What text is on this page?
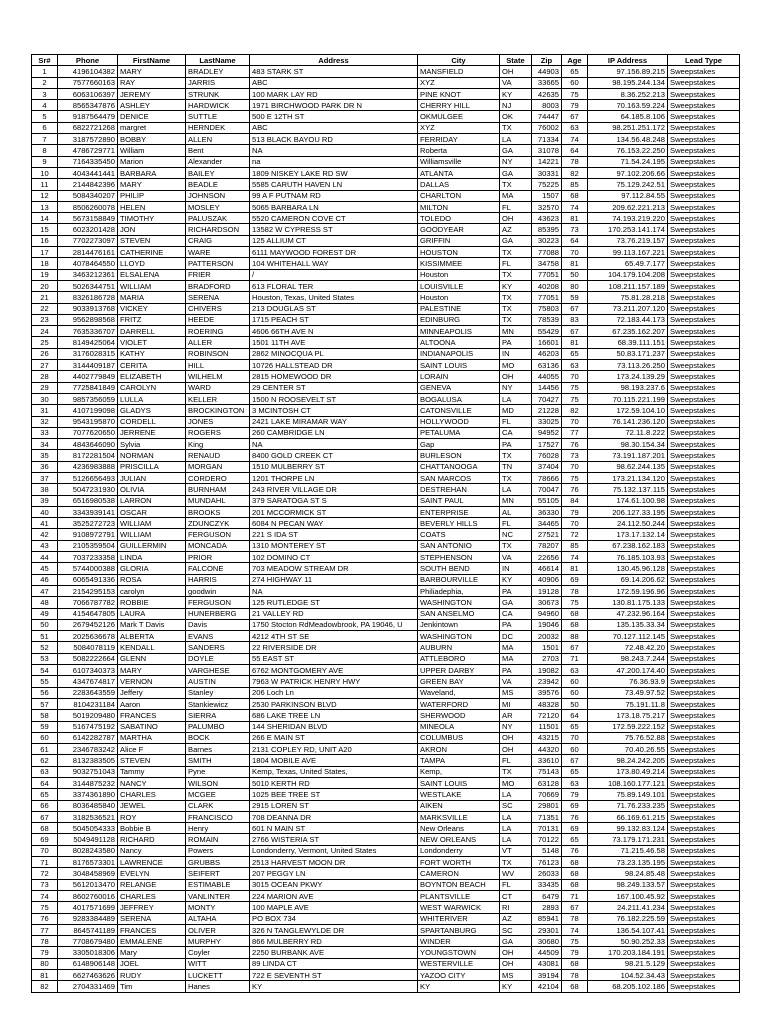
Sr#	Phone	FirstName	LastName	Address	City	State	Zip	Age	IP Address	Lead Type
1	4196104382	MARY	BRADLEY	483 STARK ST	MANSFIELD	OH	44903	65	97.156.89.215	Sweepstakes
2	7577660163	RAY	JARRIS	ABC	XYZ	VA	33665	60	98.195.244.134	Sweepstakes
3	6063106397	JEREMY	STRUNK	100 MARK LAY RD	PINE KNOT	KY	42635	75	8.36.252.213	Sweepstakes
4	8565347876	ASHLEY	HARDWICK	1971 BIRCHWOOD PARK DR N	CHERRY HILL	NJ	8003	79	70.163.59.224	Sweepstakes
5	9187564479	DENICE	SUTTLE	500 E 12TH ST	OKMULGEE	OK	74447	67	64.185.8.106	Sweepstakes
6	6822721268	margret	HERNDEK	ABC	XYZ	TX	76002	63	98.251.251.172	Sweepstakes
7	3187572890	BOBBY	ALLEN	513 BLACK BAYOU RD	FERRIDAY	LA	71334	74	134.56.48.248	Sweepstakes
8	4786729771	William	Bent	NA	Roberta	GA	31078	64	76.153.22.250	Sweepstakes
9	7164335450	Marion	Alexander	na	Williamsville	NY	14221	78	71.54.24.195	Sweepstakes
10	4043441441	BARBARA	BAILEY	1809 NISKEY LAKE RD SW	ATLANTA	GA	30331	82	97.102.206.66	Sweepstakes
11	2144842396	MARY	BEADLE	5585 CARUTH HAVEN LN	DALLAS	TX	75225	85	75.129.242.51	Sweepstakes
12	5084340207	PHILIP	JOHNSON	99 A F PUTNAM RD	CHARLTON	MA	1507	68	97.112.84.55	Sweepstakes
13	8506260078	HELEN	MOSLEY	5065 BARBARA LN	MILTON	FL	32570	74	209.62.221.213	Sweepstakes
14	5673158849	TIMOTHY	PALUSZAK	5520 CAMERON COVE CT	TOLEDO	OH	43623	81	74.193.219.220	Sweepstakes
15	6023201428	JON	RICHARDSON	13582 W CYPRESS ST	GOODYEAR	AZ	85395	73	170.253.141.174	Sweepstakes
16	7702273097	STEVEN	CRAIG	125 ALLIUM CT	GRIFFIN	GA	30223	64	73.76.219.157	Sweepstakes
17	2814476161	CATHERINE	WARE	6111 MAYWOOD FOREST DR	HOUSTON	TX	77088	70	99.113.167.221	Sweepstakes
18	4078464550	LLOYD	PATTERSON	104 WHITEHALL WAY	KISSIMMEE	FL	34758	81	65.49.7.177	Sweepstakes
19	3463212361	ELSALENA	FRIER	/	Houston	TX	77051	50	104.179.104.208	Sweepstakes
20	5026344751	WILLIAM	BRADFORD	613 FLORAL TER	LOUISVILLE	KY	40208	80	108.211.157.189	Sweepstakes
21	8326186728	MARIA	SERENA	Houston, Texas, United States	Houston	TX	77051	59	75.81.28.218	Sweepstakes
22	9033913768	VICKEY	CHIVERS	213 DOUGLAS ST	PALESTINE	TX	75803	67	73.211.207.120	Sweepstakes
23	9562898568	FRITZ	HEEDE	1715 PEACH ST	EDINBURG	TX	78539	83	72.183.44.173	Sweepstakes
24	7635336707	DARRELL	ROERING	4606 66TH AVE N	MINNEAPOLIS	MN	55429	67	67.235.162.207	Sweepstakes
25	8149425064	VIOLET	ALLER	1501 11TH AVE	ALTOONA	PA	16601	81	68.39.111.151	Sweepstakes
26	3176028315	KATHY	ROBINSON	2862 MINOCQUA PL	INDIANAPOLIS	IN	46203	65	50.83.171.237	Sweepstakes
27	3144409187	CERITA	HILL	10726 HALLSTEAD DR	SAINT LOUIS	MO	63136	63	73.113.26.250	Sweepstakes
28	4402779849	ELIZABETH	WILHELM	2815 HOMEWOOD DR	LORAIN	OH	44055	70	173.24.139.29	Sweepstakes
29	7725841849	CAROLYN	WARD	29 CENTER ST	GENEVA	NY	14456	75	98.193.237.6	Sweepstakes
30	9857356059	LULLA	KELLER	1500 N ROOSEVELT ST	BOGALUSA	LA	70427	75	70.115.221.199	Sweepstakes
31	4107199098	GLADYS	BROCKINGTON	3 MCINTOSH CT	CATONSVILLE	MD	21228	82	172.59.104.10	Sweepstakes
32	9543195870	CORDELL	JONES	2421 LAKE MIRAMAR WAY	HOLLYWOOD	FL	33025	70	76.141.236.120	Sweepstakes
33	7077620650	JERRENE	ROGERS	260 CAMBRIDGE LN	PETALUMA	CA	94952	77	72.11.8.222	Sweepstakes
34	4843646090	Sylvia	King	NA	Gap	PA	17527	76	98.30.154.34	Sweepstakes
35	8172281504	NORMAN	RENAUD	8400 GOLD CREEK CT	BURLESON	TX	76028	73	73.191.187.201	Sweepstakes
36	4236983888	PRISCILLA	MORGAN	1510 MULBERRY ST	CHATTANOOGA	TN	37404	70	98.62.244.135	Sweepstakes
37	5126656493	JULIAN	CORDERO	1201 THORPE LN	SAN MARCOS	TX	78666	75	173.21.134.120	Sweepstakes
38	5047231930	OLIVIA	BURNHAM	243 RIVER VILLAGE DR	DESTREHAN	LA	70047	76	75.132.137.115	Sweepstakes
39	6516980538	LARRON	MUNDAHL	379 SARATOGA ST S	SAINT PAUL	MN	55105	84	174.61.100.98	Sweepstakes
40	3343939141	OSCAR	BROOKS	201 MCCORMICK ST	ENTERPRISE	AL	36330	79	206.127.33.195	Sweepstakes
41	3525272723	WILLIAM	ZDUNCZYK	6084 N PECAN WAY	BEVERLY HILLS	FL	34465	70	24.112.50.244	Sweepstakes
42	9108972791	WILLIAM	FERGUSON	221 S IDA ST	COATS	NC	27521	72	173.17.132.14	Sweepstakes
43	2105359504	GUILLERMIN	MONCADA	1310 MONTEREY ST	SAN ANTONIO	TX	78207	85	67.238.162.183	Sweepstakes
44	7037233358	LINDA	PRIOR	102 DOMINO CT	STEPHENSON	VA	22656	74	76.185.103.93	Sweepstakes
45	5744000388	GLORIA	FALCONE	703 MEADOW STREAM DR	SOUTH BEND	IN	46614	81	130.45.96.128	Sweepstakes
46	6065491336	ROSA	HARRIS	274 HIGHWAY 11	BARBOURVILLE	KY	40906	69	69.14.206.62	Sweepstakes
47	2154295153	carolyn	goodwin	NA	Philiadephia,	PA	19128	78	172.59.196.96	Sweepstakes
48	7066787782	ROBBIE	FERGUSON	125 RUTLEDGE ST	WASHINGTON	GA	30673	75	130.81.175.133	Sweepstakes
49	4154647805	LAURA	HUNERBERG	21 VALLEY RD	SAN ANSELMO	CA	94960	68	47.232.96.164	Sweepstakes
50	2679452126	Mark T Davis	Davis	1750 Stocton RdMeadowbrook, PA 19046, U	Jenkintown	PA	19046	68	135.135.33.34	Sweepstakes
51	2025636678	ALBERTA	EVANS	4212 4TH ST SE	WASHINGTON	DC	20032	88	70.127.112.145	Sweepstakes
52	5084078119	KENDALL	SANDERS	22 RIVERSIDE DR	AUBURN	MA	1501	67	72.48.42.20	Sweepstakes
53	5082222664	GLENN	DOYLE	55 EAST ST	ATTLEBORO	MA	2703	71	98.243.7.244	Sweepstakes
54	6107340373	MARY	VARGHESE	6762 MONTGOMERY AVE	UPPER DARBY	PA	19082	63	47.200.174.40	Sweepstakes
55	4347674817	VERNON	AUSTIN	7963 W PATRICK HENRY HWY	GREEN BAY	VA	23942	60	76.36.93.9	Sweepstakes
56	2283643559	Jeffery	Stanley	206 Loch Ln	Waveland,	MS	39576	60	73.49.97.52	Sweepstakes
57	8104231184	Aaron	Stankiewicz	2530 PARKINSON BLVD	WATERFORD	MI	48328	50	75.191.11.8	Sweepstakes
58	5019209480	FRANCES	SIERRA	686 LAKE TREE LN	SHERWOOD	AR	72120	64	173.18.75.217	Sweepstakes
59	5167475192	SABATINO	PALUMBO	144 SHERIDAN BLVD	MINEOLA	NY	11501	65	172.59.222.152	Sweepstakes
60	6142282787	MARTHA	BOCK	266 E MAIN ST	COLUMBUS	OH	43215	70	75.76.52.88	Sweepstakes
61	2346783242	Alice F	Barnes	2131 COPLEY RD, UNIT A20	AKRON	OH	44320	60	70.40.26.55	Sweepstakes
62	8132383505	STEVEN	SMITH	1804 MOBILE AVE	TAMPA	FL	33610	67	98.24.242.205	Sweepstakes
63	9032751043	Tammy	Pyne	Kemp, Texas, United States,	Kemp,	TX	75143	65	173.80.49.214	Sweepstakes
64	3144875232	NANCY	WILSON	5010 KERTH RD	SAINT LOUIS	MO	63128	63	108.160.177.121	Sweepstakes
65	3374361890	CHARLES	MCGEE	1025 BEE TREE ST	WESTLAKE	LA	70669	79	75.89.149.101	Sweepstakes
66	8036485840	JEWEL	CLARK	2915 LOREN ST	AIKEN	SC	29801	69	71.76.233.235	Sweepstakes
67	3182536521	ROY	FRANCISCO	708 DEANNA DR	MARKSVILLE	LA	71351	76	66.169.61.215	Sweepstakes
68	5045054333	Bobbie B	Henry	601 N MAIN ST	New Orleans	LA	70131	69	99.132.83.124	Sweepstakes
69	5049491128	RICHARD	ROMAIN	2766 WISTERIA ST	NEW ORLEANS	LA	70122	65	73.179.171.231	Sweepstakes
70	8028243580	Nancy	Powers	Londonderry, Vermont, United States	Londonderry	VT	5148	76	71.215.46.58	Sweepstakes
71	8176573301	LAWRENCE	GRUBBS	2513 HARVEST MOON DR	FORT WORTH	TX	76123	68	73.23.135.195	Sweepstakes
72	3048458969	EVELYN	SEIFERT	207 PEGGY LN	CAMERON	WV	26033	68	98.24.85.48	Sweepstakes
73	5612013470	RELANGE	ESTIMABLE	3015 OCEAN PKWY	BOYNTON BEACH	FL	33435	68	98.249.133.57	Sweepstakes
74	8602760016	CHARLES	VANLINTER	224 MARION AVE	PLANTSVILLE	CT	6479	71	167.100.45.92	Sweepstakes
75	4017571699	JEFFREY	MONTY	100 MAPLE AVE	WEST WARWICK	RI	2893	67	24.211.41.234	Sweepstakes
76	9283384489	SERENA	ALTAHA	PO BOX 734	WHITERIVER	AZ	85941	78	76.182.225.59	Sweepstakes
77	8645741189	FRANCES	OLIVER	326 N TANGLEWYLDE DR	SPARTANBURG	SC	29301	74	136.54.107.41	Sweepstakes
78	7708679480	EMMALENE	MURPHY	866 MULBERRY RD	WINDER	GA	30680	75	50.90.252.33	Sweepstakes
79	3305018306	Mary	Coyler	2250 BURBANK AVE	YOUNGSTOWN	OH	44509	79	170.203.184.191	Sweepstakes
80	6148906148	JOEL	WITT	89 LINDA CT	WESTERVILLE	OH	43081	68	98.21.5.129	Sweepstakes
81	6627463626	RUDY	LUCKETT	722 E SEVENTH ST	YAZOO CITY	MS	39194	78	104.52.34.43	Sweepstakes
82	2704331469	Tim	Hanes	KY	KY	KY	42104	68	68.205.102.186	Sweepstakes
